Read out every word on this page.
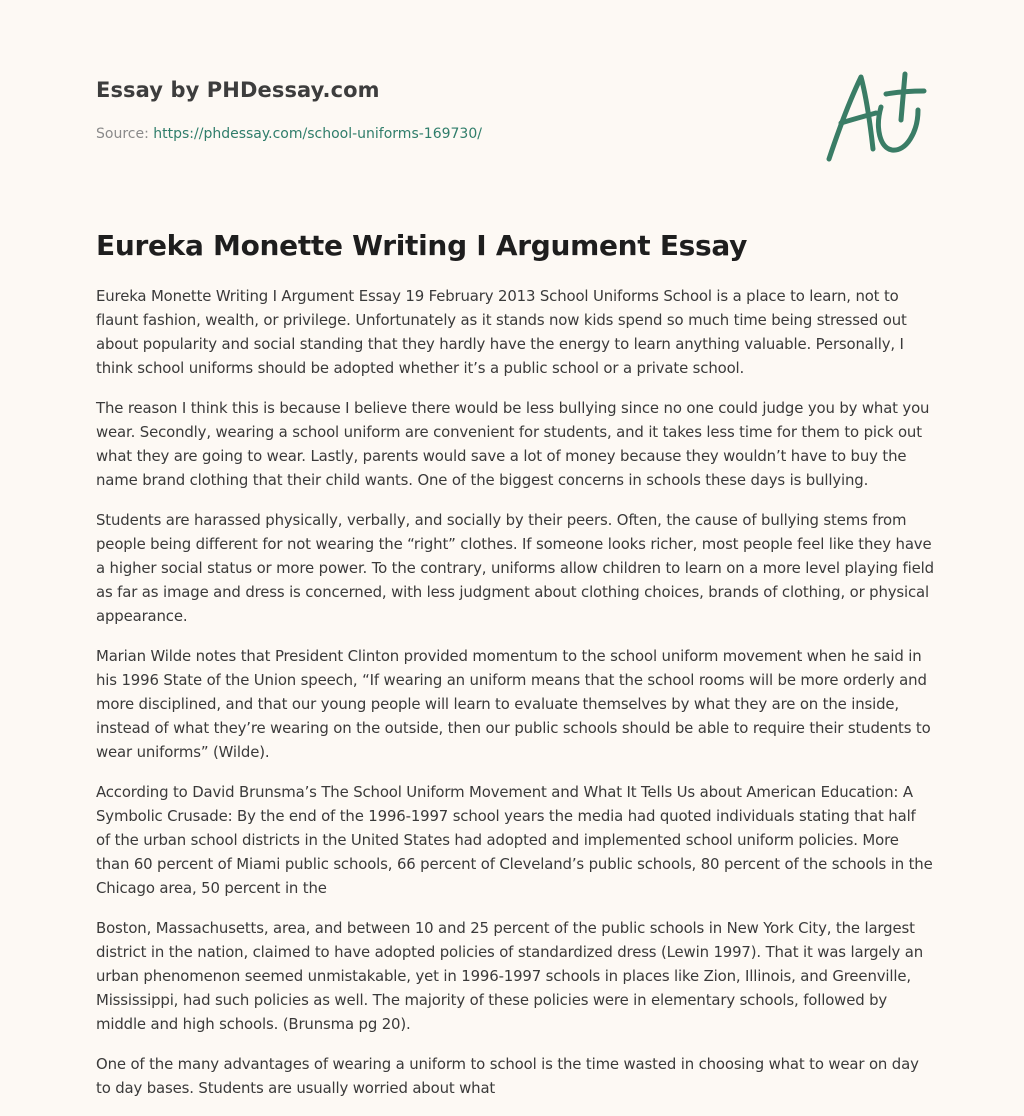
Essay by PHDessay.com
Source: https://phdessay.com/school-uniforms-169730/
Eureka Monette Writing I Argument Essay

Eureka Monette Writing I Argument Essay 19 February 2013 School Uniforms School is a place to learn, not to flaunt fashion, wealth, or privilege. Unfortunately as it stands now kids spend so much time being stressed out about popularity and social standing that they hardly have the energy to learn anything valuable. Personally, I think school uniforms should be adopted whether it’s a public school or a private school.

The reason I think this is because I believe there would be less bullying since no one could judge you by what you wear. Secondly, wearing a school uniform are convenient for students, and it takes less time for them to pick out what they are going to wear. Lastly, parents would save a lot of money because they wouldn’t have to buy the name brand clothing that their child wants. One of the biggest concerns in schools these days is bullying.

Students are harassed physically, verbally, and socially by their peers. Often, the cause of bullying stems from people being different for not wearing the “right” clothes. If someone looks richer, most people feel like they have a higher social status or more power. To the contrary, uniforms allow children to learn on a more level playing field as far as image and dress is concerned, with less judgment about clothing choices, brands of clothing, or physical appearance.

Marian Wilde notes that President Clinton provided momentum to the school uniform movement when he said in his 1996 State of the Union speech, “If wearing an uniform means that the school rooms will be more orderly and more disciplined, and that our young people will learn to evaluate themselves by what they are on the inside, instead of what they’re wearing on the outside, then our public schools should be able to require their students to wear uniforms” (Wilde).

According to David Brunsma’s The School Uniform Movement and What It Tells Us about American Education: A Symbolic Crusade: By the end of the 1996-1997 school years the media had quoted individuals stating that half of the urban school districts in the United States had adopted and implemented school uniform policies. More than 60 percent of Miami public schools, 66 percent of Cleveland’s public schools, 80 percent of the schools in the Chicago area, 50 percent in the

Boston, Massachusetts, area, and between 10 and 25 percent of the public schools in New York City, the largest district in the nation, claimed to have adopted policies of standardized dress (Lewin 1997). That it was largely an urban phenomenon seemed unmistakable, yet in 1996-1997 schools in places like Zion, Illinois, and Greenville, Mississippi, had such policies as well. The majority of these policies were in elementary schools, followed by middle and high schools. (Brunsma pg 20).

One of the many advantages of wearing a uniform to school is the time wasted in choosing what to wear on day to day bases. Students are usually worried about what
